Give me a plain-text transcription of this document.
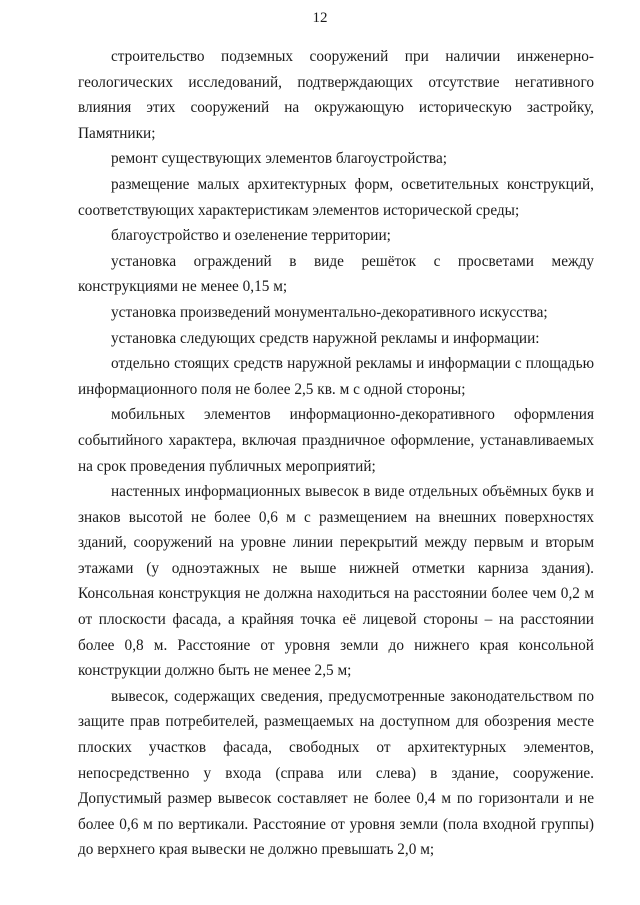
12

строительство подземных сооружений при наличии инженерно-геологических исследований, подтверждающих отсутствие негативного влияния этих сооружений на окружающую историческую застройку, Памятники;

ремонт существующих элементов благоустройства;

размещение малых архитектурных форм, осветительных конструкций, соответствующих характеристикам элементов исторической среды;

благоустройство и озеленение территории;

установка ограждений в виде решёток с просветами между конструкциями не менее 0,15 м;

установка произведений монументально-декоративного искусства;

установка следующих средств наружной рекламы и информации:

отдельно стоящих средств наружной рекламы и информации с площадью информационного поля не более 2,5 кв. м с одной стороны;

мобильных элементов информационно-декоративного оформления событийного характера, включая праздничное оформление, устанавливаемых на срок проведения публичных мероприятий;

настенных информационных вывесок в виде отдельных объёмных букв и знаков высотой не более 0,6 м с размещением на внешних поверхностях зданий, сооружений на уровне линии перекрытий между первым и вторым этажами (у одноэтажных не выше нижней отметки карниза здания). Консольная конструкция не должна находиться на расстоянии более чем 0,2 м от плоскости фасада, а крайняя точка её лицевой стороны – на расстоянии более 0,8 м. Расстояние от уровня земли до нижнего края консольной конструкции должно быть не менее 2,5 м;

вывесок, содержащих сведения, предусмотренные законодательством по защите прав потребителей, размещаемых на доступном для обозрения месте плоских участков фасада, свободных от архитектурных элементов, непосредственно у входа (справа или слева) в здание, сооружение. Допустимый размер вывесок составляет не более 0,4 м по горизонтали и не более 0,6 м по вертикали. Расстояние от уровня земли (пола входной группы) до верхнего края вывески не должно превышать 2,0 м;
